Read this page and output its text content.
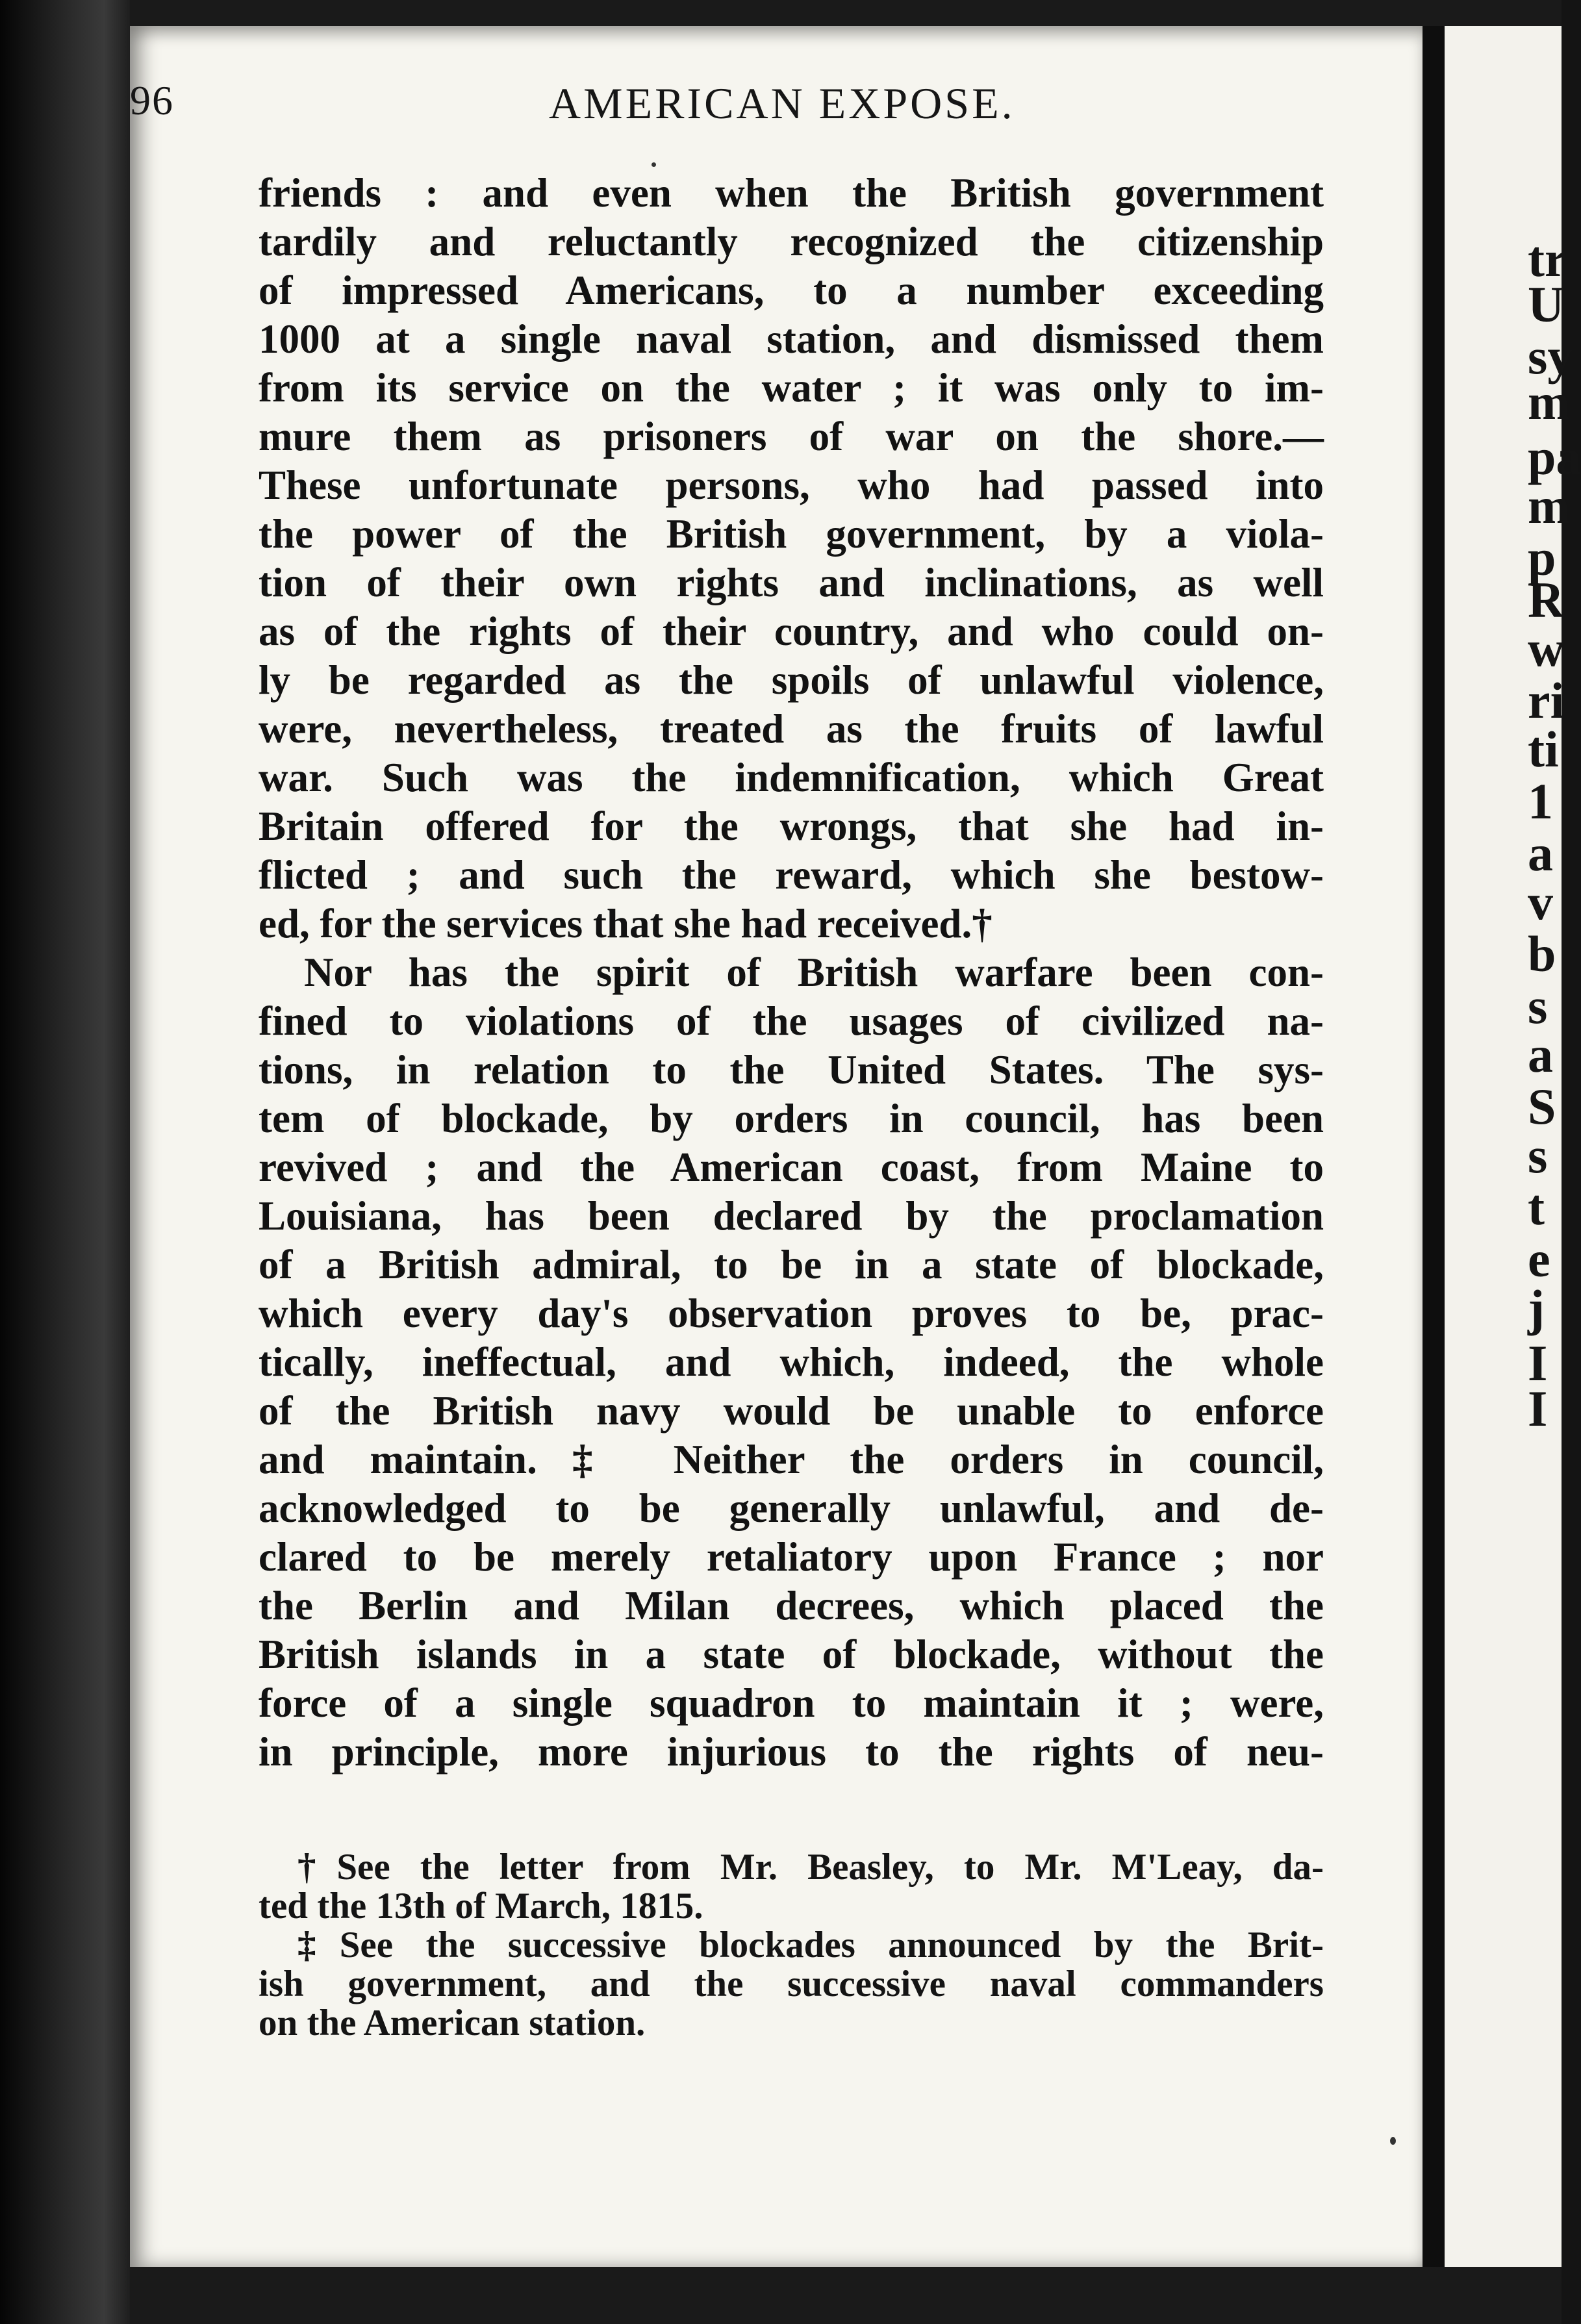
tr
U
sy
m
pa
m
p
R
w
ri
ti
1
a
v
b
s
a
S
s
t
e
j
I
I
96	AMERICAN EXPOSE.
friends : and even when the British government
tardily and reluctantly recognized the citizenship
of impressed Americans, to a number exceeding
1000 at a single naval station, and dismissed them
from its service on the water ; it was only to im-
mure them as prisoners of war on the shore.—
These unfortunate persons, who had passed into
the power of the British government, by a viola-
tion of their own rights and inclinations, as well
as of the rights of their country, and who could on-
ly be regarded as the spoils of unlawful violence,
were, nevertheless, treated as the fruits of lawful
war. Such was the indemnification, which Great
Britain offered for the wrongs, that she had in-
flicted ; and such the reward, which she bestow-
ed, for the services that she had received.†
Nor has the spirit of British warfare been con-
fined to violations of the usages of civilized na-
tions, in relation to the United States. The sys-
tem of blockade, by orders in council, has been
revived ; and the American coast, from Maine to
Louisiana, has been declared by the proclamation
of a British admiral, to be in a state of blockade,
which every day's observation proves to be, prac-
tically, ineffectual, and which, indeed, the whole
of the British navy would be unable to enforce
and maintain.‡ Neither the orders in council,
acknowledged to be generally unlawful, and de-
clared to be merely retaliatory upon France ; nor
the Berlin and Milan decrees, which placed the
British islands in a state of blockade, without the
force of a single squadron to maintain it ; were,
in principle, more injurious to the rights of neu-
†See the letter from Mr. Beasley, to Mr. M'Leay, da-
ted the 13th of March, 1815.
‡See the successive blockades announced by the Brit-
ish government, and the successive naval commanders
on the American station.
